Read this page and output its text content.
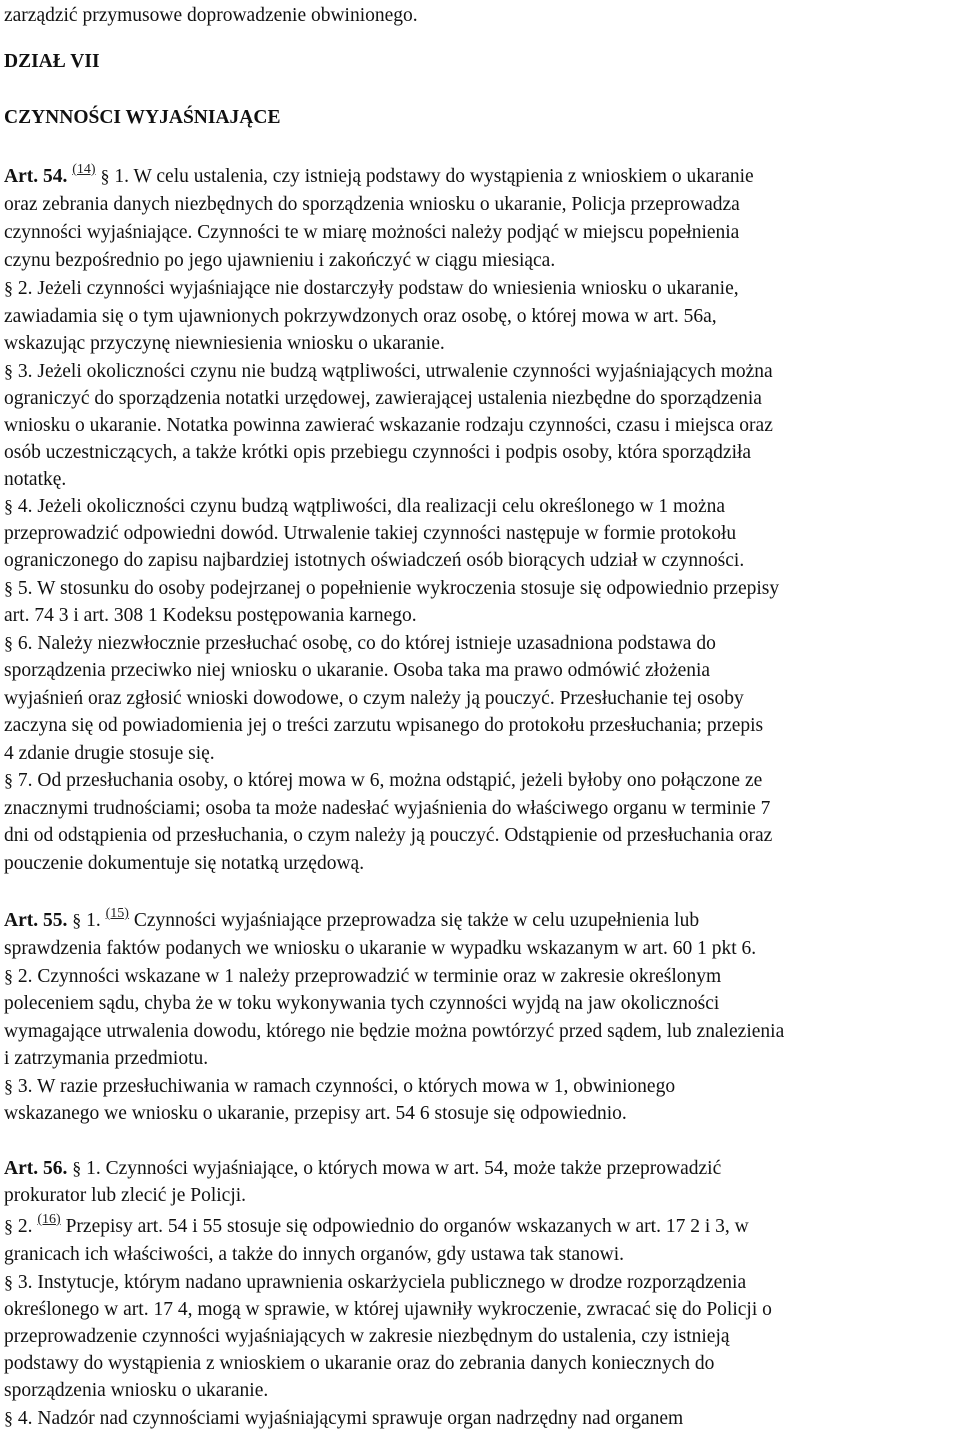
zarządzić przymusowe doprowadzenie obwinionego.
DZIAŁ VII
CZYNNOŚCI WYJAŚNIAJĄCE
Art. 54. $^{(14)}$ § 1. W celu ustalenia, czy istnieją podstawy do wystąpienia z wnioskiem o ukaranie
oraz zebrania danych niezbędnych do sporządzenia wniosku o ukaranie, Policja przeprowadza
czynności wyjaśniające. Czynności te w miarę możności należy podjąć w miejscu popełnienia
czynu bezpośrednio po jego ujawnieniu i zakończyć w ciągu miesiąca.
§ 2. Jeżeli czynności wyjaśniające nie dostarczyły podstaw do wniesienia wniosku o ukaranie,
zawiadamia się o tym ujawnionych pokrzywdzonych oraz osobę, o której mowa w art. 56a,
wskazując przyczynę niewniesienia wniosku o ukaranie.
§ 3. Jeżeli okoliczności czynu nie budzą wątpliwości, utrwalenie czynności wyjaśniających można
ograniczyć do sporządzenia notatki urzędowej, zawierającej ustalenia niezbędne do sporządzenia
wniosku o ukaranie. Notatka powinna zawierać wskazanie rodzaju czynności, czasu i miejsca oraz
osób uczestniczących, a także krótki opis przebiegu czynności i podpis osoby, która sporządziła
notatkę.
§ 4. Jeżeli okoliczności czynu budzą wątpliwości, dla realizacji celu określonego w 1 można
przeprowadzić odpowiedni dowód. Utrwalenie takiej czynności następuje w formie protokołu
ograniczonego do zapisu najbardziej istotnych oświadczeń osób biorących udział w czynności.
§ 5. W stosunku do osoby podejrzanej o popełnienie wykroczenia stosuje się odpowiednio przepisy
art. 74 3 i art. 308 1 Kodeksu postępowania karnego.
§ 6. Należy niezwłocznie przesłuchać osobę, co do której istnieje uzasadniona podstawa do
sporządzenia przeciwko niej wniosku o ukaranie. Osoba taka ma prawo odmówić złożenia
wyjaśnień oraz zgłosić wnioski dowodowe, o czym należy ją pouczyć. Przesłuchanie tej osoby
zaczyna się od powiadomienia jej o treści zarzutu wpisanego do protokołu przesłuchania; przepis
4 zdanie drugie stosuje się.
§ 7. Od przesłuchania osoby, o której mowa w 6, można odstąpić, jeżeli byłoby ono połączone ze
znacznymi trudnościami; osoba ta może nadesłać wyjaśnienia do właściwego organu w terminie 7
dni od odstąpienia od przesłuchania, o czym należy ją pouczyć. Odstąpienie od przesłuchania oraz
pouczenie dokumentuje się notatką urzędową.
Art. 55. § 1. $^{(15)}$ Czynności wyjaśniające przeprowadza się także w celu uzupełnienia lub
sprawdzenia faktów podanych we wniosku o ukaranie w wypadku wskazanym w art. 60 1 pkt 6.
§ 2. Czynności wskazane w 1 należy przeprowadzić w terminie oraz w zakresie określonym
poleceniem sądu, chyba że w toku wykonywania tych czynności wyjdą na jaw okoliczności
wymagające utrwalenia dowodu, którego nie będzie można powtórzyć przed sądem, lub znalezienia
i zatrzymania przedmiotu.
§ 3. W razie przesłuchiwania w ramach czynności, o których mowa w 1, obwinionego
wskazanego we wniosku o ukaranie, przepisy art. 54 6 stosuje się odpowiednio.
Art. 56. § 1. Czynności wyjaśniające, o których mowa w art. 54, może także przeprowadzić
prokurator lub zlecić je Policji.
§ 2. $^{(16)}$ Przepisy art. 54 i 55 stosuje się odpowiednio do organów wskazanych w art. 17 2 i 3, w
granicach ich właściwości, a także do innych organów, gdy ustawa tak stanowi.
§ 3. Instytucje, którym nadano uprawnienia oskarżyciela publicznego w drodze rozporządzenia
określonego w art. 17 4, mogą w sprawie, w której ujawniły wykroczenie, zwracać się do Policji o
przeprowadzenie czynności wyjaśniających w zakresie niezbędnym do ustalenia, czy istnieją
podstawy do wystąpienia z wnioskiem o ukaranie oraz do zebrania danych koniecznych do
sporządzenia wniosku o ukaranie.
§ 4. Nadzór nad czynnościami wyjaśniającymi sprawuje organ nadrzędny nad organem
